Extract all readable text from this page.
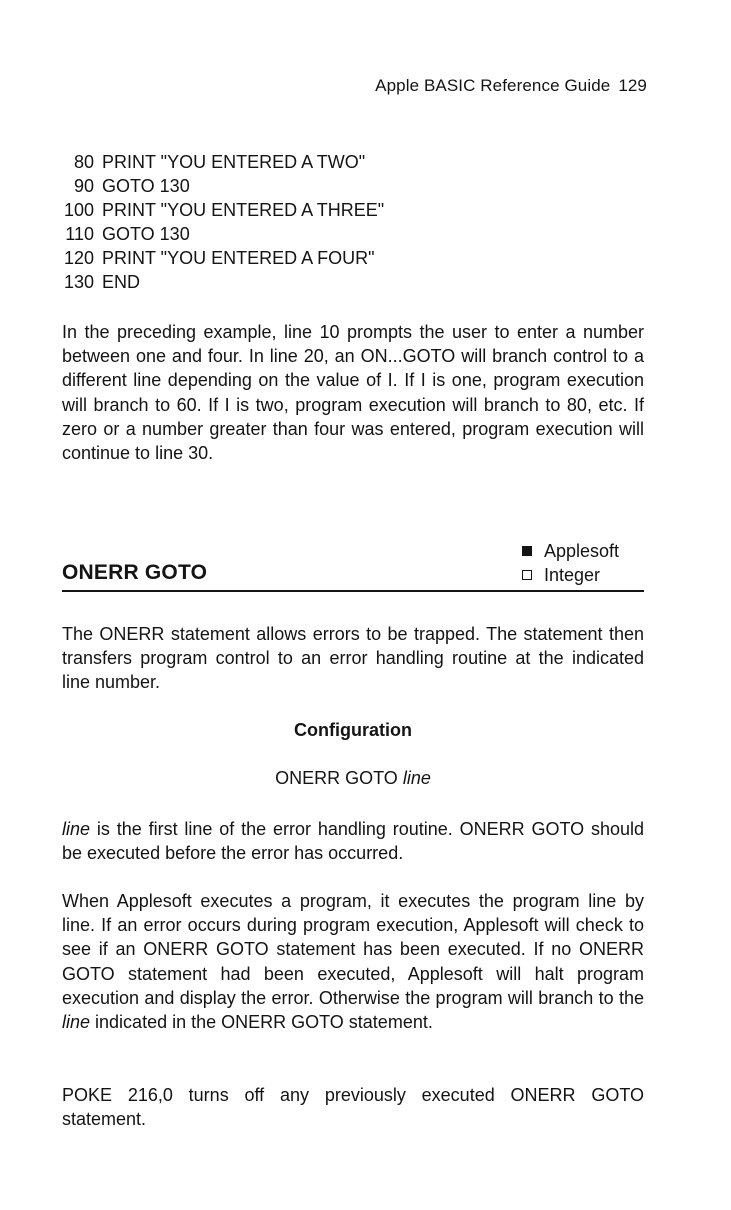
Apple BASIC Reference Guide 129
80 PRINT "YOU ENTERED A TWO"
90 GOTO 130
100 PRINT "YOU ENTERED A THREE"
110 GOTO 130
120 PRINT "YOU ENTERED A FOUR"
130 END

In the preceding example, line 10 prompts the user to enter a number between one and four. In line 20, an ON...GOTO will branch control to a different line depending on the value of I. If I is one, program execution will branch to 60. If I is two, program execution will branch to 80, etc. If zero or a number greater than four was entered, program execution will continue to line 30.

ONERR GOTO
Applesoft
Integer

The ONERR statement allows errors to be trapped. The statement then transfers program control to an error handling routine at the indicated line number.

Configuration
ONERR GOTO line

line is the first line of the error handling routine. ONERR GOTO should be executed before the error has occurred.

When Applesoft executes a program, it executes the program line by line. If an error occurs during program execution, Applesoft will check to see if an ONERR GOTO statement has been executed. If no ONERR GOTO statement had been executed, Applesoft will halt program execution and display the error. Otherwise the program will branch to the line indicated in the ONERR GOTO statement.

POKE 216,0 turns off any previously executed ONERR GOTO statement.
